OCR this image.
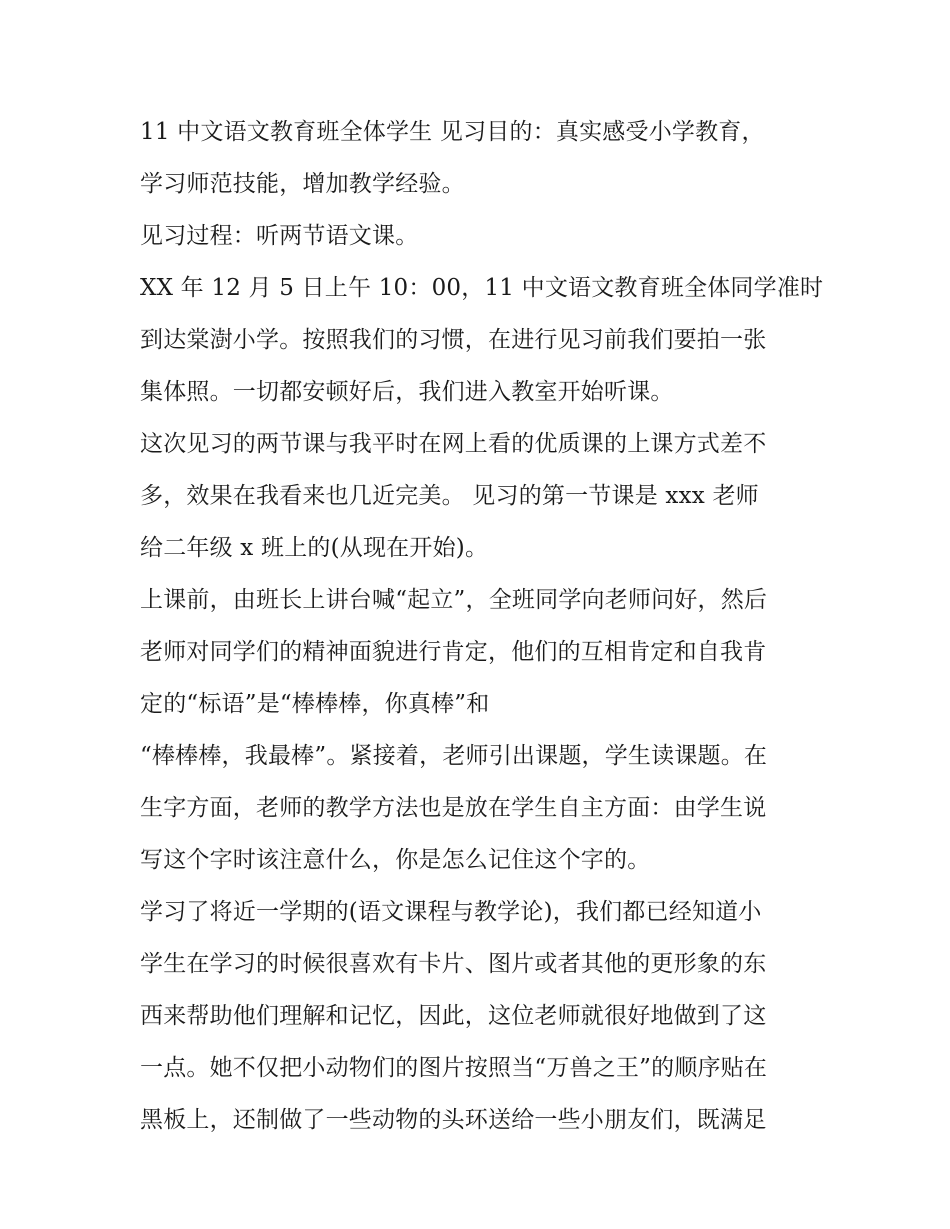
11 中文语文教育班全体学生 见习目的：真实感受小学教育，
学习师范技能，增加教学经验。
见习过程：听两节语文课。
XX 年 12 月 5 日上午 10：00，11 中文语文教育班全体同学准时
到达棠澍小学。按照我们的习惯，在进行见习前我们要拍一张
集体照。一切都安顿好后，我们进入教室开始听课。
这次见习的两节课与我平时在网上看的优质课的上课方式差不
多，效果在我看来也几近完美。 见习的第一节课是 xxx 老师
给二年级 x 班上的(从现在开始)。
上课前，由班长上讲台喊“起立”，全班同学向老师问好，然后
老师对同学们的精神面貌进行肯定，他们的互相肯定和自我肯
定的“标语”是“棒棒棒，你真棒”和
“棒棒棒，我最棒”。紧接着，老师引出课题，学生读课题。在
生字方面，老师的教学方法也是放在学生自主方面：由学生说
写这个字时该注意什么，你是怎么记住这个字的。
学习了将近一学期的(语文课程与教学论)，我们都已经知道小
学生在学习的时候很喜欢有卡片、图片或者其他的更形象的东
西来帮助他们理解和记忆，因此，这位老师就很好地做到了这
一点。她不仅把小动物们的图片按照当“万兽之王”的顺序贴在
黑板上，还制做了一些动物的头环送给一些小朋友们，既满足
